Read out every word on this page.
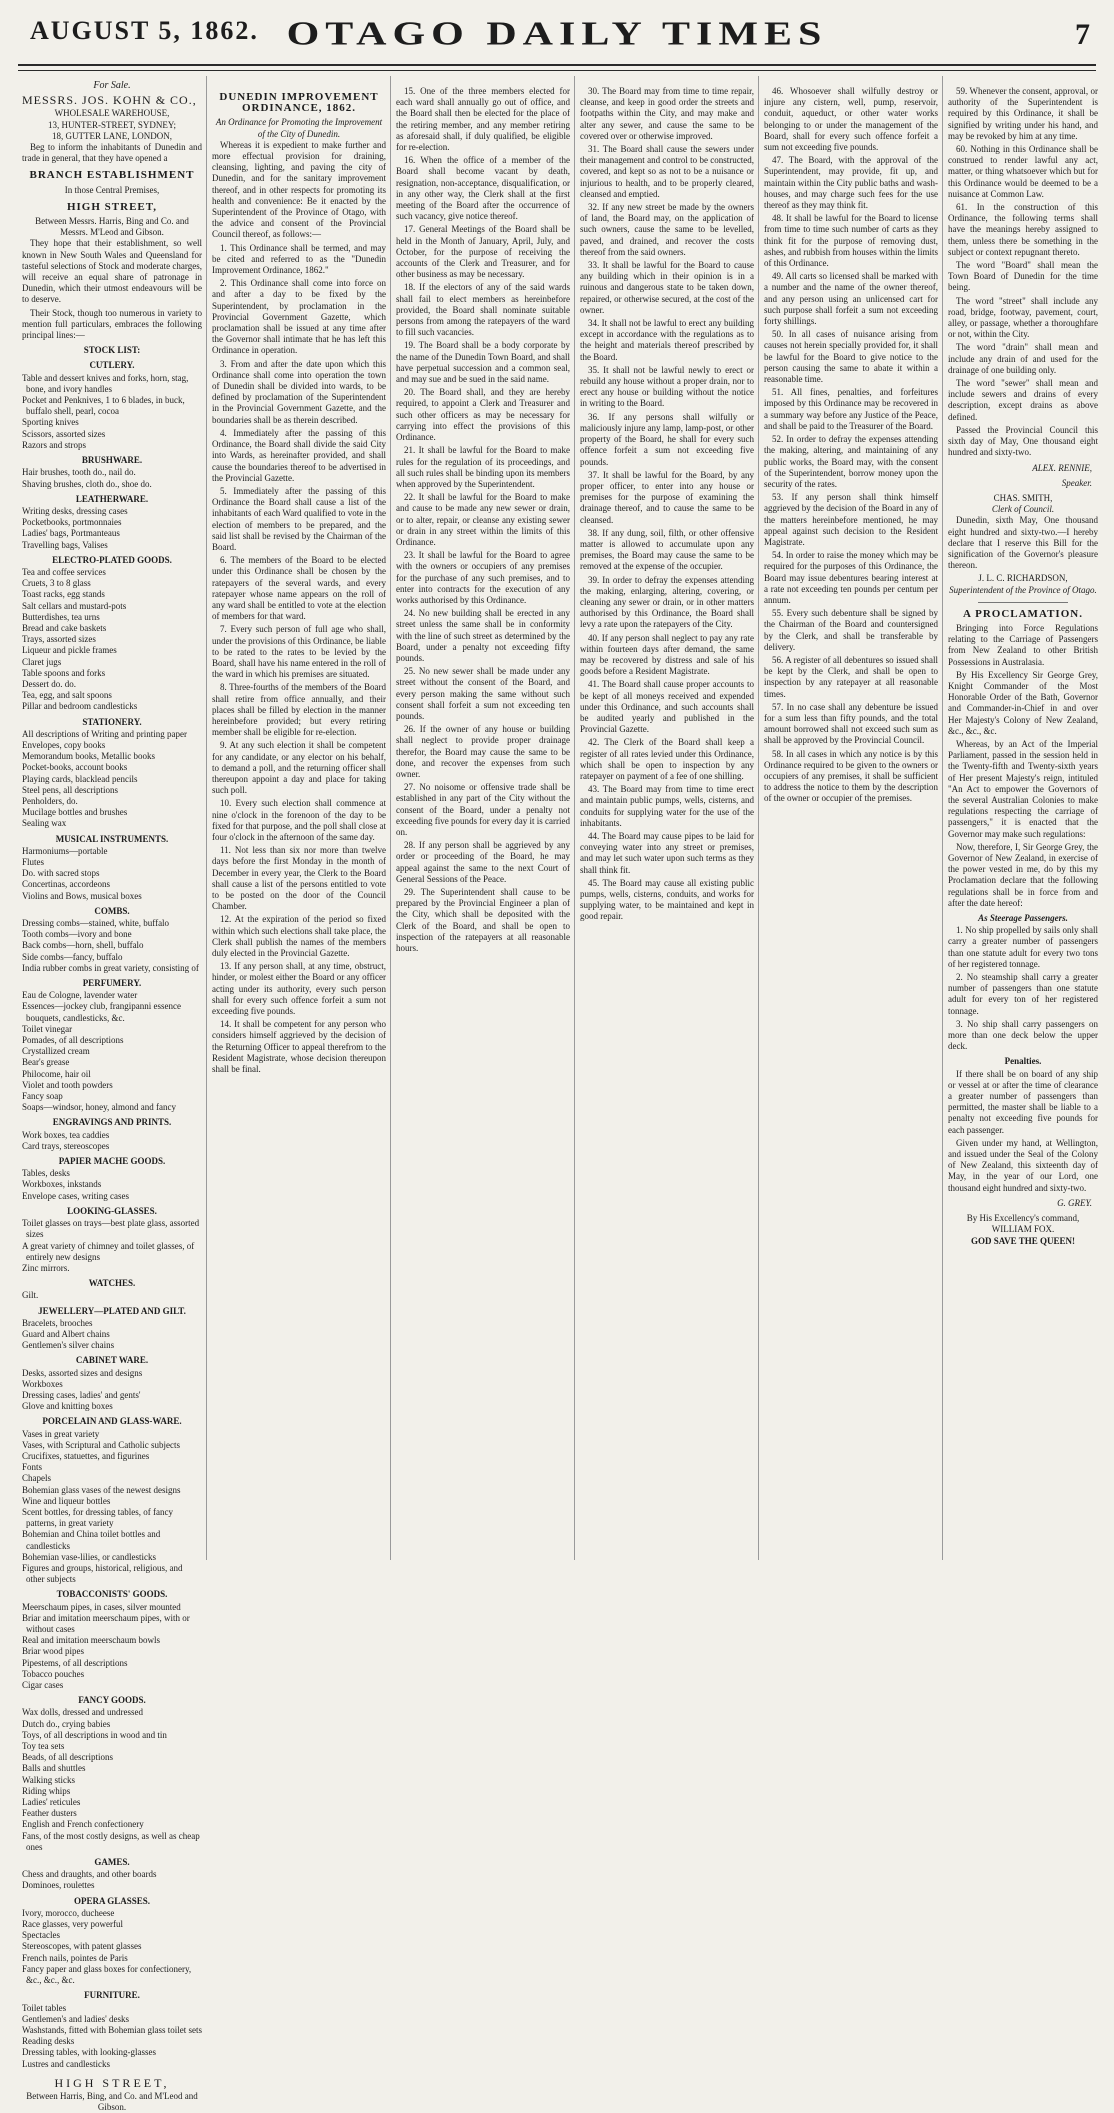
AUGUST 5, 1862. OTAGO DAILY TIMES	7
For Sale.
MESSRS. JOS. KOHN & CO.,
WHOLESALE WAREHOUSE,
13, HUNTER-STREET, SYDNEY;
18, GUTTER LANE, LONDON,

Beg to inform the inhabitants of Dunedin and trade in general, that they have opened a

BRANCH ESTABLISHMENT
In those Central Premises,
HIGH STREET,
Between Messrs. Harris, Bing and Co. and Messrs. M'Leod and Gibson.

They hope that their establishment, so well known in New South Wales and Queensland for tasteful selections of Stock and moderate charges, will receive an equal share of patronage in Dunedin, which their utmost endeavours will be to deserve.

Their Stock, though too numerous in variety to mention full particulars, embraces the following principal lines:—

STOCK LIST:
CUTLERY.
Table and dessert knives and forks, horn, stag, bone, and ivory handles
Pocket and Penknives, 1 to 6 blades, in buck, buffalo shell, pearl, cocoa
Sporting knives
Scissors, assorted sizes
Razors and strops
BRUSHWARE.
Hair brushes, tooth do., nail do.
Shaving brushes, cloth do., shoe do.
LEATHERWARE.
Writing desks, dressing cases
Pocketbooks, portmonnaies
Ladies' bags, Portmanteaus
Travelling bags, Valises
ELECTRO-PLATED GOODS.
Tea and coffee services
Cruets, 3 to 8 glass
Toast racks, egg stands
Salt cellars and mustard-pots
Butterdishes, tea urns
Bread and cake baskets
Trays, assorted sizes
Liqueur and pickle frames
Claret jugs
Table spoons and forks
Dessert do. do.
Tea, egg, and salt spoons
Pillar and bedroom candlesticks
STATIONERY.
All descriptions of Writing and printing paper
Envelopes, copy books
Memorandum books, Metallic books
Pocket-books, account books
Playing cards, blacklead pencils
Steel pens, all descriptions
Penholders, do.
Mucilage bottles and brushes
Sealing wax
MUSICAL INSTRUMENTS.
Harmoniums—portable
Flutes
Do. with sacred stops
Concertinas, accordeons
Violins and Bows, musical boxes
COMBS.
Dressing combs—stained, white, buffalo
Tooth combs—ivory and bone
Back combs—horn, shell, buffalo
Side combs—fancy, buffalo
India rubber combs in great variety, consisting of
PERFUMERY.
Eau de Cologne, lavender water
Essences—jockey club, frangipanni essence bouquets, candlesticks, &c.
Toilet vinegar
Pomades, of all descriptions
Crystallized cream
Bear's grease
Philocome, hair oil
Violet and tooth powders
Fancy soap
Soaps—windsor, honey, almond and fancy
ENGRAVINGS AND PRINTS.
Work boxes, tea caddies
Card trays, stereoscopes
PAPIER MACHE GOODS.
Tables, desks
Workboxes, inkstands
Envelope cases, writing cases
LOOKING-GLASSES.
Toilet glasses on trays—best plate glass, assorted sizes
A great variety of chimney and toilet glasses, of entirely new designs
Zinc mirrors.
WATCHES.
Gilt.
JEWELLERY—PLATED AND GILT.
Bracelets, brooches
Guard and Albert chains
Gentlemen's silver chains
CABINET WARE.
Desks, assorted sizes and designs
Workboxes
Dressing cases, ladies' and gents'
Glove and knitting boxes
PORCELAIN AND GLASS-WARE.
Vases in great variety
Vases, with Scriptural and Catholic subjects
Crucifixes, statuettes, and figurines
Fonts
Chapels
Bohemian glass vases of the newest designs
Wine and liqueur bottles
Scent bottles, for dressing tables, of fancy patterns, in great variety
Bohemian and China toilet bottles and candlesticks
Bohemian vase-lilies, or candlesticks
Figures and groups, historical, religious, and other subjects
TOBACCONISTS' GOODS.
Meerschaum pipes, in cases, silver mounted
Briar and imitation meerschaum pipes, with or without cases
Real and imitation meerschaum bowls
Briar wood pipes
Pipestems, of all descriptions
Tobacco pouches
Cigar cases
FANCY GOODS.
Wax dolls, dressed and undressed
Dutch do., crying babies
Toys, of all descriptions in wood and tin
Toy tea sets
Beads, of all descriptions
Balls and shuttles
Walking sticks
Riding whips
Ladies' reticules
Feather dusters
English and French confectionery
Fans, of the most costly designs, as well as cheap ones
GAMES.
Chess and draughts, and other boards
Dominoes, roulettes
OPERA GLASSES.
Ivory, morocco, ducheese
Race glasses, very powerful
Spectacles
Stereoscopes, with patent glasses
French nails, pointes de Paris
Fancy paper and glass boxes for confectionery, &c., &c., &c.
FURNITURE.
Toilet tables
Gentlemen's and ladies' desks
Washstands, fitted with Bohemian glass toilet sets
Reading desks
Dressing tables, with looking-glasses
Lustres and candlesticks
HIGH STREET,
Between Harris, Bing, and Co. and M'Leod and Gibson.
DUNEDIN IMPROVEMENT ORDINANCE, 1862.
An Ordinance for Promoting the Improvement of the City of Dunedin.

Whereas it is expedient to make further and more effectual provision for draining, cleansing, lighting, and paving the city of Dunedin, and for the sanitary improvement thereof, and in other respects for promoting its health and convenience: Be it enacted by the Superintendent of the Province of Otago, with the advice and consent of the Provincial Council thereof, as follows:—

1. This Ordinance shall be termed, and may be cited and referred to as the "Dunedin Improvement Ordinance, 1862."

2. This Ordinance shall come into force on and after a day to be fixed by the Superintendent, by proclamation in the Provincial Government Gazette, which proclamation shall be issued at any time after the Governor shall intimate that he has left this Ordinance in operation.

3. From and after the date upon which this Ordinance shall come into operation the town of Dunedin shall be divided into wards, to be defined by proclamation of the Superintendent in the Provincial Government Gazette, and the boundaries shall be as therein described.

4. Immediately after the passing of this Ordinance, the Board shall divide the said City into Wards, as hereinafter provided, and shall cause the boundaries thereof to be advertised in the Provincial Gazette.

5. Immediately after the passing of this Ordinance the Board shall cause a list of the inhabitants of each Ward qualified to vote in the election of members to be prepared, and the said list shall be revised by the Chairman of the Board.

6. The members of the Board to be elected under this Ordinance shall be chosen by the ratepayers of the several wards, and every ratepayer whose name appears on the roll of any ward shall be entitled to vote at the election of members for that ward.

7. Every such person of full age who shall, under the provisions of this Ordinance, be liable to be rated to the rates to be levied by the Board, shall have his name entered in the roll of the ward in which his premises are situated.

8. Three-fourths of the members of the Board shall retire from office annually, and their places shall be filled by election in the manner hereinbefore provided; but every retiring member shall be eligible for re-election.

9. At any such election it shall be competent for any candidate, or any elector on his behalf, to demand a poll, and the returning officer shall thereupon appoint a day and place for taking such poll.

10. Every such election shall commence at nine o'clock in the forenoon of the day to be fixed for that purpose, and the poll shall close at four o'clock in the afternoon of the same day.

11. Not less than six nor more than twelve days before the first Monday in the month of December in every year, the Clerk to the Board shall cause a list of the persons entitled to vote to be posted on the door of the Council Chamber.

12. At the expiration of the period so fixed within which such elections shall take place, the Clerk shall publish the names of the members duly elected in the Provincial Gazette.

13. If any person shall, at any time, obstruct, hinder, or molest either the Board or any officer acting under its authority, every such person shall for every such offence forfeit a sum not exceeding five pounds.

14. It shall be competent for any person who considers himself aggrieved by the decision of the Returning Officer to appeal therefrom to the Resident Magistrate, whose decision thereupon shall be final.

15. One of the three members elected for each ward shall annually go out of office, and the Board shall then be elected for the place of the retiring member, and any member retiring as aforesaid shall, if duly qualified, be eligible for re-election.

16. When the office of a member of the Board shall become vacant by death, resignation, non-acceptance, disqualification, or in any other way, the Clerk shall at the first meeting of the Board after the occurrence of such vacancy, give notice thereof.

17. General Meetings of the Board shall be held in the Month of January, April, July, and October, for the purpose of receiving the accounts of the Clerk and Treasurer, and for other business as may be necessary.

18. If the electors of any of the said wards shall fail to elect members as hereinbefore provided, the Board shall nominate suitable persons from among the ratepayers of the ward to fill such vacancies.

19. The Board shall be a body corporate by the name of the Dunedin Town Board, and shall have perpetual succession and a common seal, and may sue and be sued in the said name.

20. The Board shall, and they are hereby required, to appoint a Clerk and Treasurer and such other officers as may be necessary for carrying into effect the provisions of this Ordinance.

21. It shall be lawful for the Board to make rules for the regulation of its proceedings, and all such rules shall be binding upon its members when approved by the Superintendent.

22. It shall be lawful for the Board to make and cause to be made any new sewer or drain, or to alter, repair, or cleanse any existing sewer or drain in any street within the limits of this Ordinance.

23. It shall be lawful for the Board to agree with the owners or occupiers of any premises for the purchase of any such premises, and to enter into contracts for the execution of any works authorised by this Ordinance.

24. No new building shall be erected in any street unless the same shall be in conformity with the line of such street as determined by the Board, under a penalty not exceeding fifty pounds.

25. No new sewer shall be made under any street without the consent of the Board, and every person making the same without such consent shall forfeit a sum not exceeding ten pounds.

26. If the owner of any house or building shall neglect to provide proper drainage therefor, the Board may cause the same to be done, and recover the expenses from such owner.

27. No noisome or offensive trade shall be established in any part of the City without the consent of the Board, under a penalty not exceeding five pounds for every day it is carried on.

28. If any person shall be aggrieved by any order or proceeding of the Board, he may appeal against the same to the next Court of General Sessions of the Peace.

29. The Superintendent shall cause to be prepared by the Provincial Engineer a plan of the City, which shall be deposited with the Clerk of the Board, and shall be open to inspection of the ratepayers at all reasonable hours.

30. The Board may from time to time repair, cleanse, and keep in good order the streets and footpaths within the City, and may make and alter any sewer, and cause the same to be covered over or otherwise improved.

31. The Board shall cause the sewers under their management and control to be constructed, covered, and kept so as not to be a nuisance or injurious to health, and to be properly cleared, cleansed and emptied.

32. If any new street be made by the owners of land, the Board may, on the application of such owners, cause the same to be levelled, paved, and drained, and recover the costs thereof from the said owners.

33. It shall be lawful for the Board to cause any building which in their opinion is in a ruinous and dangerous state to be taken down, repaired, or otherwise secured, at the cost of the owner.

34. It shall not be lawful to erect any building except in accordance with the regulations as to the height and materials thereof prescribed by the Board.

35. It shall not be lawful newly to erect or rebuild any house without a proper drain, nor to erect any house or building without the notice in writing to the Board.

36. If any persons shall wilfully or maliciously injure any lamp, lamp-post, or other property of the Board, he shall for every such offence forfeit a sum not exceeding five pounds.

37. It shall be lawful for the Board, by any proper officer, to enter into any house or premises for the purpose of examining the drainage thereof, and to cause the same to be cleansed.

38. If any dung, soil, filth, or other offensive matter is allowed to accumulate upon any premises, the Board may cause the same to be removed at the expense of the occupier.

39. In order to defray the expenses attending the making, enlarging, altering, covering, or cleaning any sewer or drain, or in other matters authorised by this Ordinance, the Board shall levy a rate upon the ratepayers of the City.

40. If any person shall neglect to pay any rate within fourteen days after demand, the same may be recovered by distress and sale of his goods before a Resident Magistrate.

41. The Board shall cause proper accounts to be kept of all moneys received and expended under this Ordinance, and such accounts shall be audited yearly and published in the Provincial Gazette.

42. The Clerk of the Board shall keep a register of all rates levied under this Ordinance, which shall be open to inspection by any ratepayer on payment of a fee of one shilling.

43. The Board may from time to time erect and maintain public pumps, wells, cisterns, and conduits for supplying water for the use of the inhabitants.

44. The Board may cause pipes to be laid for conveying water into any street or premises, and may let such water upon such terms as they shall think fit.

45. The Board may cause all existing public pumps, wells, cisterns, conduits, and works for supplying water, to be maintained and kept in good repair.

46. Whosoever shall wilfully destroy or injure any cistern, well, pump, reservoir, conduit, aqueduct, or other water works belonging to or under the management of the Board, shall for every such offence forfeit a sum not exceeding five pounds.

47. The Board, with the approval of the Superintendent, may provide, fit up, and maintain within the City public baths and wash-houses, and may charge such fees for the use thereof as they may think fit.

48. It shall be lawful for the Board to license from time to time such number of carts as they think fit for the purpose of removing dust, ashes, and rubbish from houses within the limits of this Ordinance.

49. All carts so licensed shall be marked with a number and the name of the owner thereof, and any person using an unlicensed cart for such purpose shall forfeit a sum not exceeding forty shillings.

50. In all cases of nuisance arising from causes not herein specially provided for, it shall be lawful for the Board to give notice to the person causing the same to abate it within a reasonable time.

51. All fines, penalties, and forfeitures imposed by this Ordinance may be recovered in a summary way before any Justice of the Peace, and shall be paid to the Treasurer of the Board.

52. In order to defray the expenses attending the making, altering, and maintaining of any public works, the Board may, with the consent of the Superintendent, borrow money upon the security of the rates.

53. If any person shall think himself aggrieved by the decision of the Board in any of the matters hereinbefore mentioned, he may appeal against such decision to the Resident Magistrate.

54. In order to raise the money which may be required for the purposes of this Ordinance, the Board may issue debentures bearing interest at a rate not exceeding ten pounds per centum per annum.

55. Every such debenture shall be signed by the Chairman of the Board and countersigned by the Clerk, and shall be transferable by delivery.

56. A register of all debentures so issued shall be kept by the Clerk, and shall be open to inspection by any ratepayer at all reasonable times.

57. In no case shall any debenture be issued for a sum less than fifty pounds, and the total amount borrowed shall not exceed such sum as shall be approved by the Provincial Council.

58. In all cases in which any notice is by this Ordinance required to be given to the owners or occupiers of any premises, it shall be sufficient to address the notice to them by the description of the owner or occupier of the premises.

59. Whenever the consent, approval, or authority of the Superintendent is required by this Ordinance, it shall be signified by writing under his hand, and may be revoked by him at any time.

60. Nothing in this Ordinance shall be construed to render lawful any act, matter, or thing whatsoever which but for this Ordinance would be deemed to be a nuisance at Common Law.

61. In the construction of this Ordinance, the following terms shall have the meanings hereby assigned to them, unless there be something in the subject or context repugnant thereto.

The word "Board" shall mean the Town Board of Dunedin for the time being.

The word "street" shall include any road, bridge, footway, pavement, court, alley, or passage, whether a thoroughfare or not, within the City.

The word "drain" shall mean and include any drain of and used for the drainage of one building only.

The word "sewer" shall mean and include sewers and drains of every description, except drains as above defined.

Passed the Provincial Council this sixth day of May, One thousand eight hundred and sixty-two.

ALEX. RENNIE,
Speaker.
CHAS. SMITH,
Clerk of Council.

Dunedin, sixth May, One thousand eight hundred and sixty-two.—I hereby declare that I reserve this Bill for the signification of the Governor's pleasure thereon.

J. L. C. RICHARDSON,
Superintendent of the Province of Otago.
A PROCLAMATION.

Bringing into Force Regulations relating to the Carriage of Passengers from New Zealand to other British Possessions in Australasia.

By His Excellency Sir George Grey, Knight Commander of the Most Honorable Order of the Bath, Governor and Commander-in-Chief in and over Her Majesty's Colony of New Zealand, &c., &c., &c.

Whereas, by an Act of the Imperial Parliament, passed in the session held in the Twenty-fifth and Twenty-sixth years of Her present Majesty's reign, intituled "An Act to empower the Governors of the several Australian Colonies to make regulations respecting the carriage of passengers," it is enacted that the Governor may make such regulations:

Now, therefore, I, Sir George Grey, the Governor of New Zealand, in exercise of the power vested in me, do by this my Proclamation declare that the following regulations shall be in force from and after the date hereof:

As Steerage Passengers.

1. No ship propelled by sails only shall carry a greater number of passengers than one statute adult for every two tons of her registered tonnage.

2. No steamship shall carry a greater number of passengers than one statute adult for every ton of her registered tonnage.

3. No ship shall carry passengers on more than one deck below the upper deck.

Penalties.

If there shall be on board of any ship or vessel at or after the time of clearance a greater number of passengers than permitted, the master shall be liable to a penalty not exceeding five pounds for each passenger.

Given under my hand, at Wellington, and issued under the Seal of the Colony of New Zealand, this sixteenth day of May, in the year of our Lord, one thousand eight hundred and sixty-two.

G. GREY.
By His Excellency's command,
WILLIAM FOX.
GOD SAVE THE QUEEN!
